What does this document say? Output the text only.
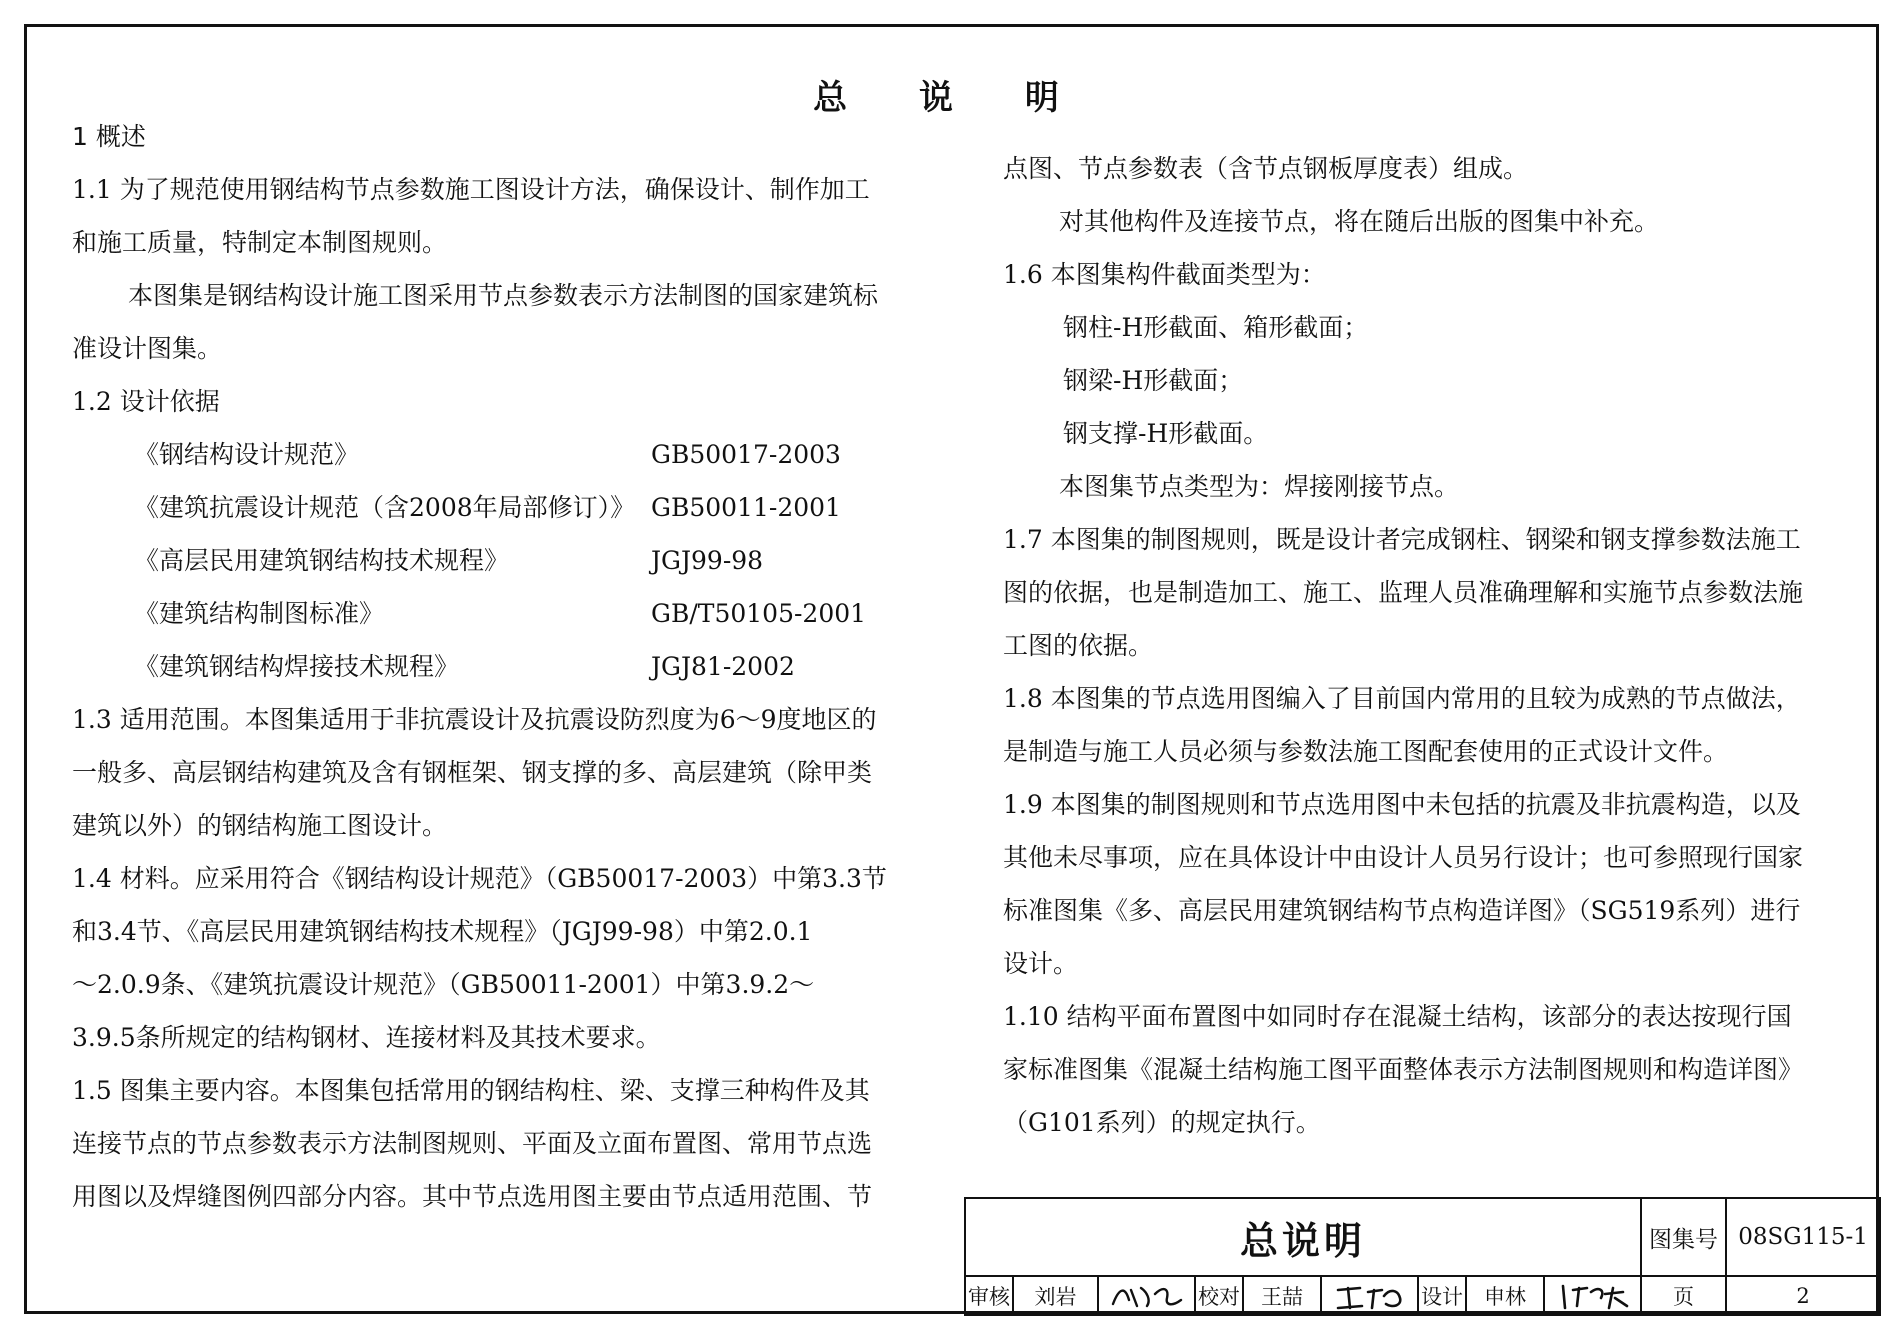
总 说 明
1 概述
1.1 为了规范使用钢结构节点参数施工图设计方法，确保设计、制作加工
和施工质量，特制定本制图规则。
本图集是钢结构设计施工图采用节点参数表示方法制图的国家建筑标
准设计图集。
1.2 设计依据
《钢结构设计规范》	GB50017-2003
《建筑抗震设计规范（含2008年局部修订）》 GB50011-2001
《高层民用建筑钢结构技术规程》	JGJ99-98
《建筑结构制图标准》	GB/T50105-2001
《建筑钢结构焊接技术规程》	JGJ81-2002
1.3 适用范围。本图集适用于非抗震设计及抗震设防烈度为6～9度地区的
一般多、高层钢结构建筑及含有钢框架、钢支撑的多、高层建筑（除甲类
建筑以外）的钢结构施工图设计。
1.4 材料。应采用符合《钢结构设计规范》（GB50017-2003）中第3.3节
和3.4节、《高层民用建筑钢结构技术规程》（JGJ99-98）中第2.0.1
～2.0.9条、《建筑抗震设计规范》（GB50011-2001）中第3.9.2～
3.9.5条所规定的结构钢材、连接材料及其技术要求。
1.5 图集主要内容。本图集包括常用的钢结构柱、梁、支撑三种构件及其
连接节点的节点参数表示方法制图规则、平面及立面布置图、常用节点选
用图以及焊缝图例四部分内容。其中节点选用图主要由节点适用范围、节
点图、节点参数表（含节点钢板厚度表）组成。
对其他构件及连接节点，将在随后出版的图集中补充。
1.6 本图集构件截面类型为：
钢柱-H形截面、箱形截面；
钢梁-H形截面；
钢支撑-H形截面。
本图集节点类型为：焊接刚接节点。
1.7 本图集的制图规则，既是设计者完成钢柱、钢梁和钢支撑参数法施工
图的依据，也是制造加工、施工、监理人员准确理解和实施节点参数法施
工图的依据。
1.8 本图集的节点选用图编入了目前国内常用的且较为成熟的节点做法，
是制造与施工人员必须与参数法施工图配套使用的正式设计文件。
1.9 本图集的制图规则和节点选用图中未包括的抗震及非抗震构造，以及
其他未尽事项，应在具体设计中由设计人员另行设计；也可参照现行国家
标准图集《多、高层民用建筑钢结构节点构造详图》（SG519系列）进行
设计。
1.10 结构平面布置图中如同时存在混凝土结构，该部分的表达按现行国
家标准图集《混凝土结构施工图平面整体表示方法制图规则和构造详图》
（G101系列）的规定执行。
总说明									图集号	08SG115-1
审核	刘岩		校对	王喆		设计	申林		页	2
